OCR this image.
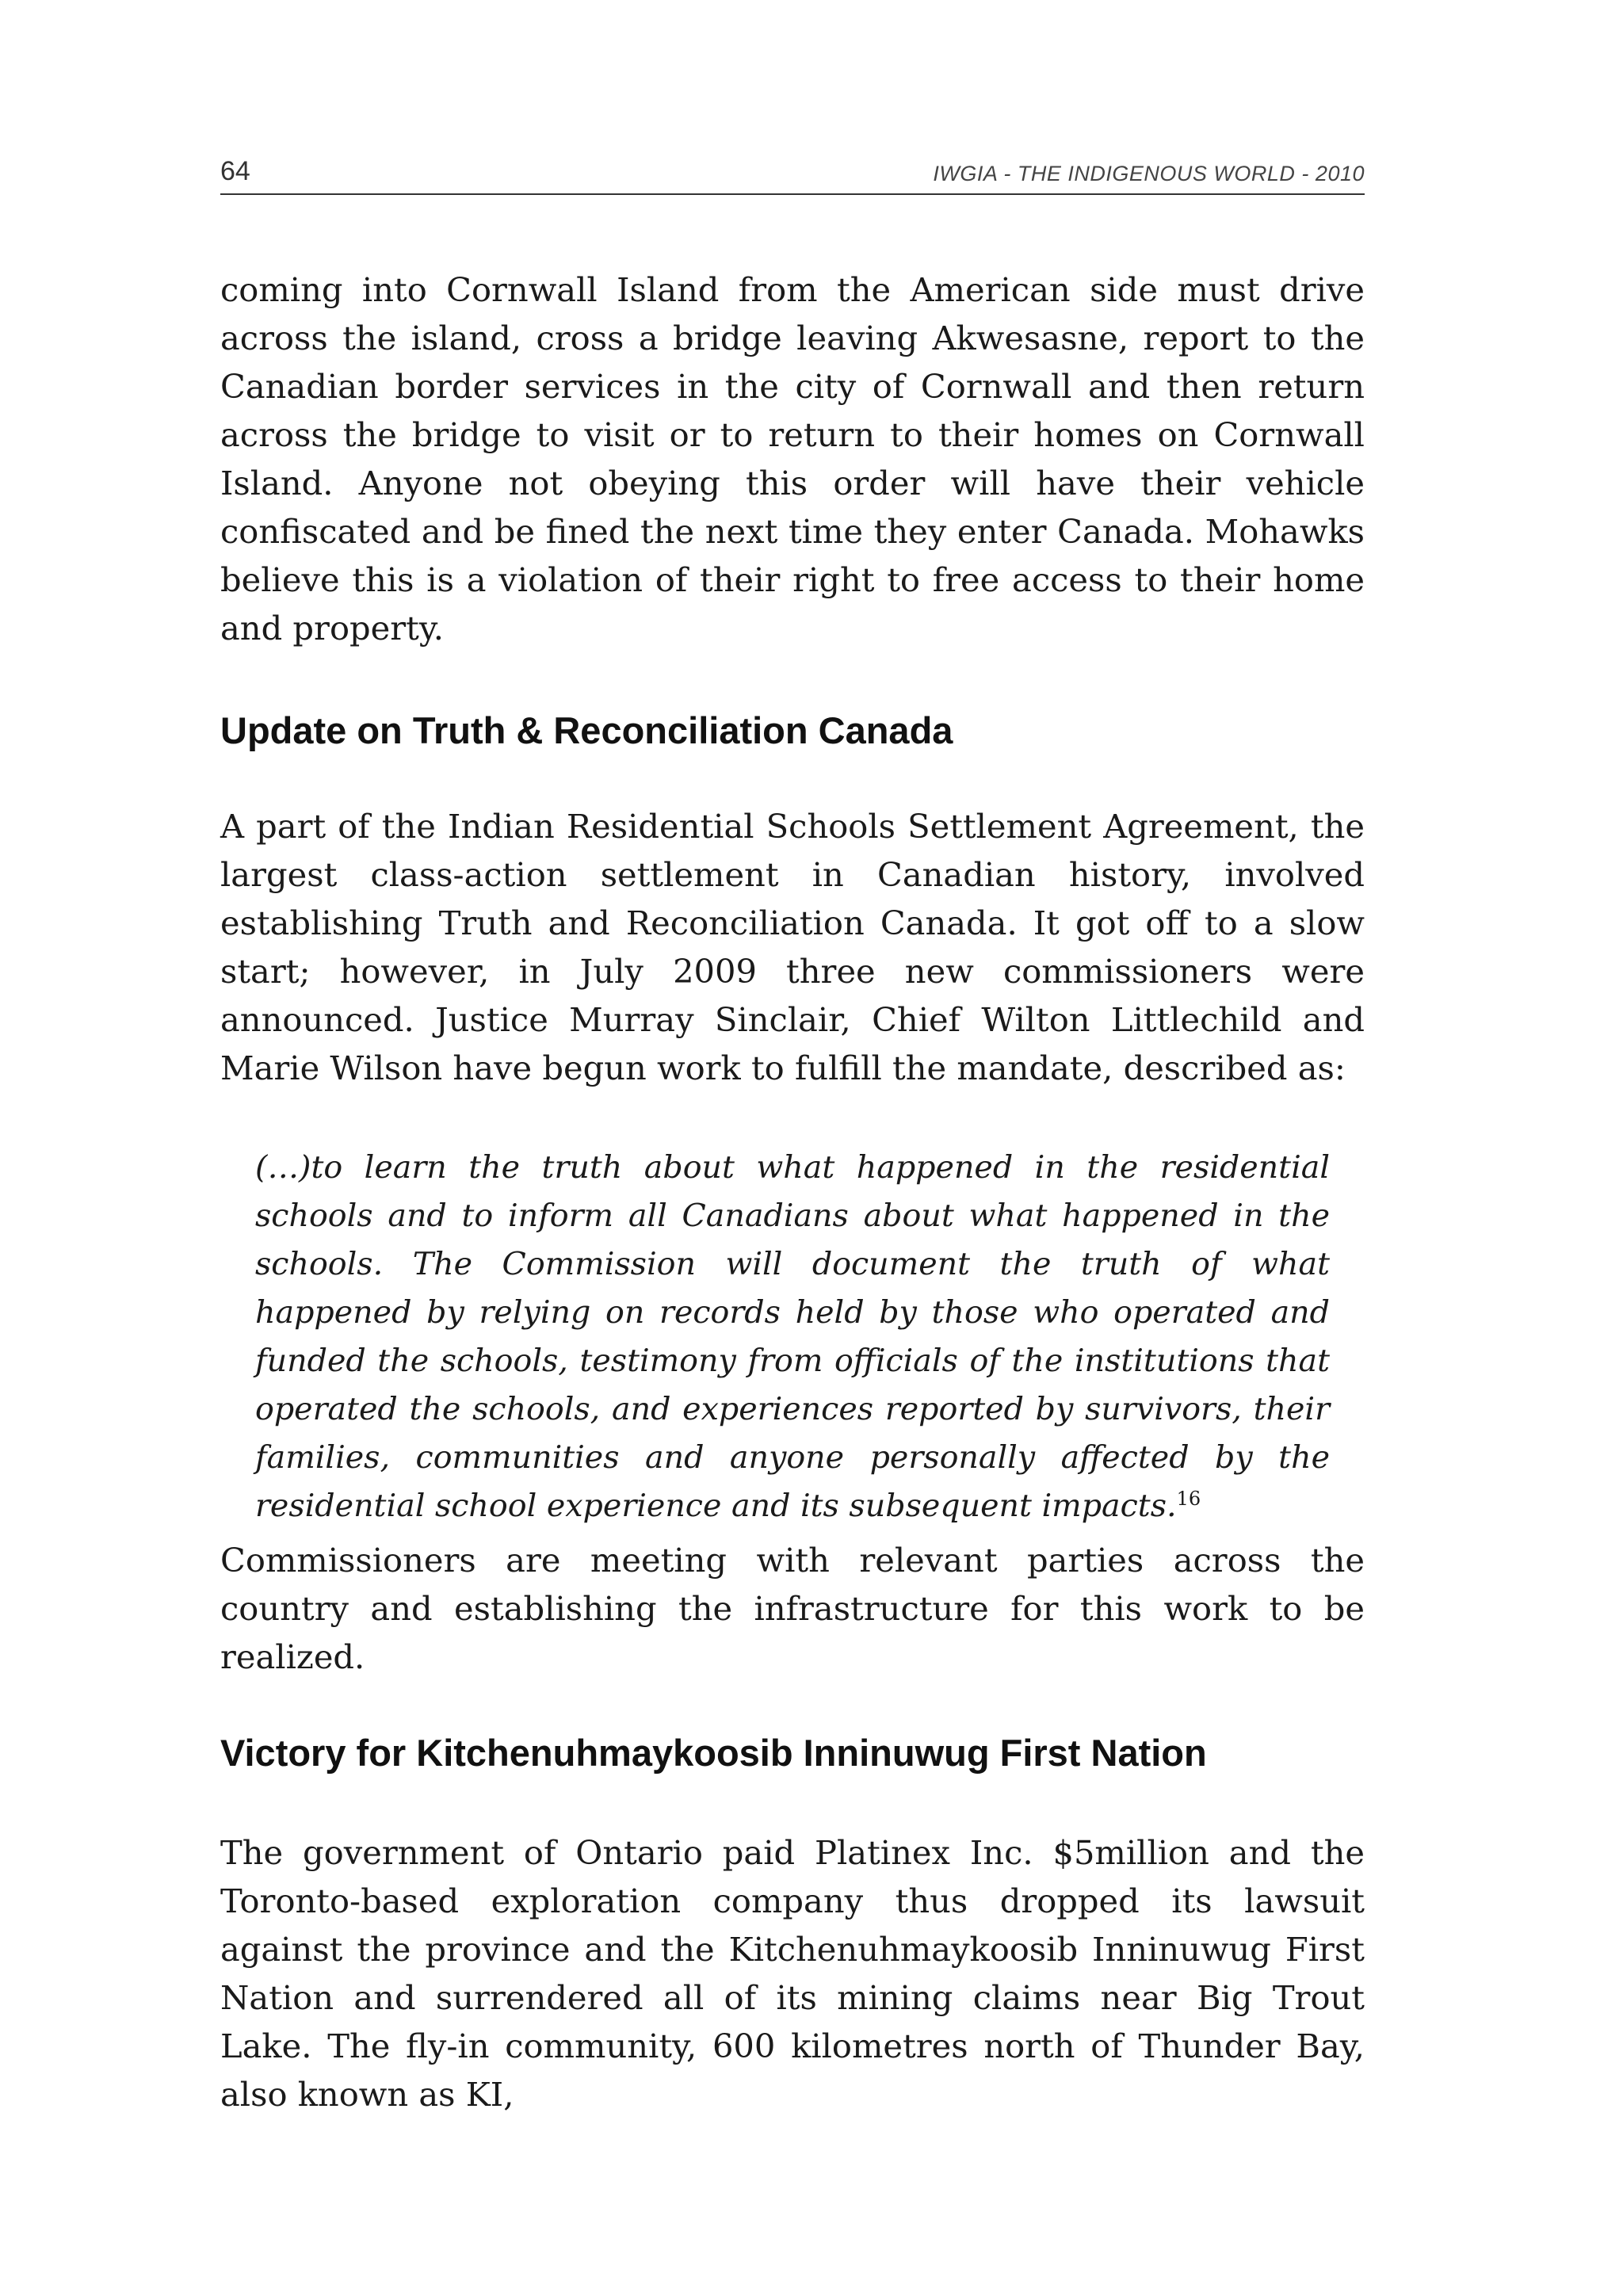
64	IWGIA - THE INDIGENOUS WORLD - 2010

coming into Cornwall Island from the American side must drive across the island, cross a bridge leaving Akwesasne, report to the Canadian border services in the city of Cornwall and then return across the bridge to visit or to return to their homes on Cornwall Island. Anyone not obeying this order will have their vehicle confiscated and be fined the next time they enter Canada. Mohawks believe this is a violation of their right to free access to their home and property.

Update on Truth & Reconciliation Canada

A part of the Indian Residential Schools Settlement Agreement, the largest class-action settlement in Canadian history, involved establishing Truth and Reconciliation Canada. It got off to a slow start; however, in July 2009 three new commissioners were announced. Justice Murray Sinclair, Chief Wilton Littlechild and Marie Wilson have begun work to fulfill the mandate, described as:

(…)to learn the truth about what happened in the residential schools and to inform all Canadians about what happened in the schools. The Commission will document the truth of what happened by relying on records held by those who operated and funded the schools, testimony from officials of the institutions that operated the schools, and experiences reported by survivors, their families, communities and anyone personally affected by the residential school experience and its subsequent impacts.$^{16}$

Commissioners are meeting with relevant parties across the country and establishing the infrastructure for this work to be realized.

Victory for Kitchenuhmaykoosib Inninuwug First Nation

The government of Ontario paid Platinex Inc. $5million and the Toronto-based exploration company thus dropped its lawsuit against the province and the Kitchenuhmaykoosib Inninuwug First Nation and surrendered all of its mining claims near Big Trout Lake. The fly-in community, 600 kilometres north of Thunder Bay, also known as KI,
